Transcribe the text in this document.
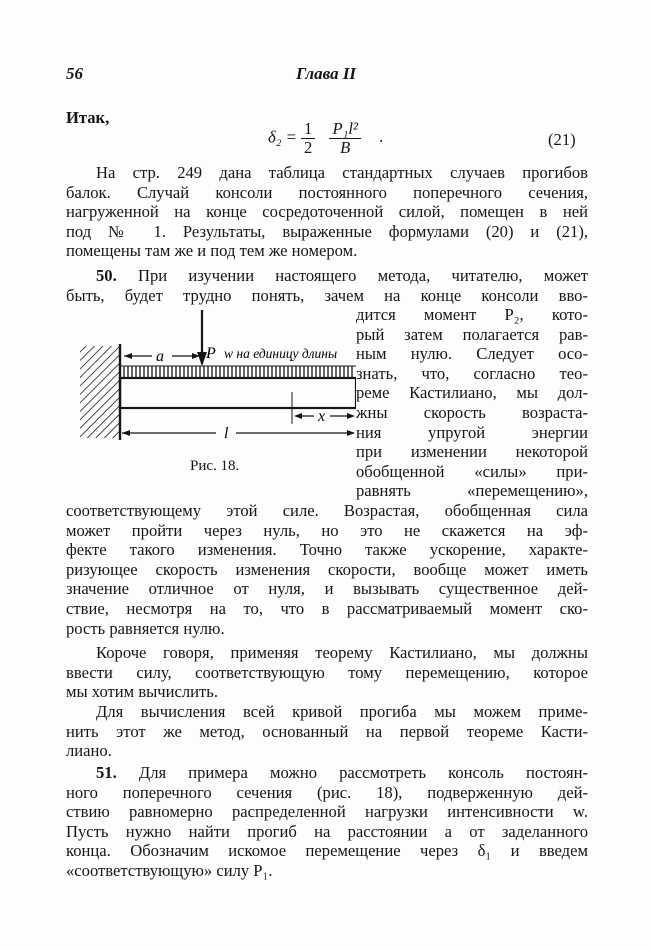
56	Глава II
Итак,
$\delta_2 = \frac{1}{2}$
$\frac{\text{P₁l²}}{B}$ .	(21)
На стр. 249 дана таблица стандартных случаев прогибов
балок. Случай консоли постоянного поперечного сечения,
нагруженной на конце сосредоточенной силой, помещен в ней
под № 1. Результаты, выраженные формулами (20) и (21),
помещены там же и под тем же номером.
50. При изучении настоящего метода, читателю, может
быть, будет трудно понять, зачем на конце консоли вво-
дится момент P₂, кото-
рый затем полагается рав-
ным нулю. Следует осо-
знать, что, согласно тео-
реме Кастилиано, мы дол-
жны скорость возраста-
ния упругой энергии
при изменении некоторой
обобщенной «силы» при-
равнять «перемещению»,
a	P w на единицу длины
x
l
Рис. 18.
соответствующему этой силе. Возрастая, обобщенная сила
может пройти через нуль, но это не скажется на эф-
фекте такого изменения. Точно также ускорение, характе-
ризующее скорость изменения скорости, вообще может иметь
значение отличное от нуля, и вызывать существенное дей-
ствие, несмотря на то, что в рассматриваемый момент ско-
рость равняется нулю.
Короче говоря, применяя теорему Кастилиано, мы должны
ввести силу, соответствующую тому перемещению, которое
мы хотим вычислить.
Для вычисления всей кривой прогиба мы можем приме-
нить этот же метод, основанный на первой теореме Касти-
лиано.
51. Для примера можно рассмотреть консоль постоян-
ного поперечного сечения (рис. 18), подверженную дей-
ствию равномерно распределенной нагрузки интенсивности w.
Пусть нужно найти прогиб на расстоянии a от заделанного
конца. Обозначим искомое перемещение через δ₁ и введем
«соответствующую» силу P₁.
